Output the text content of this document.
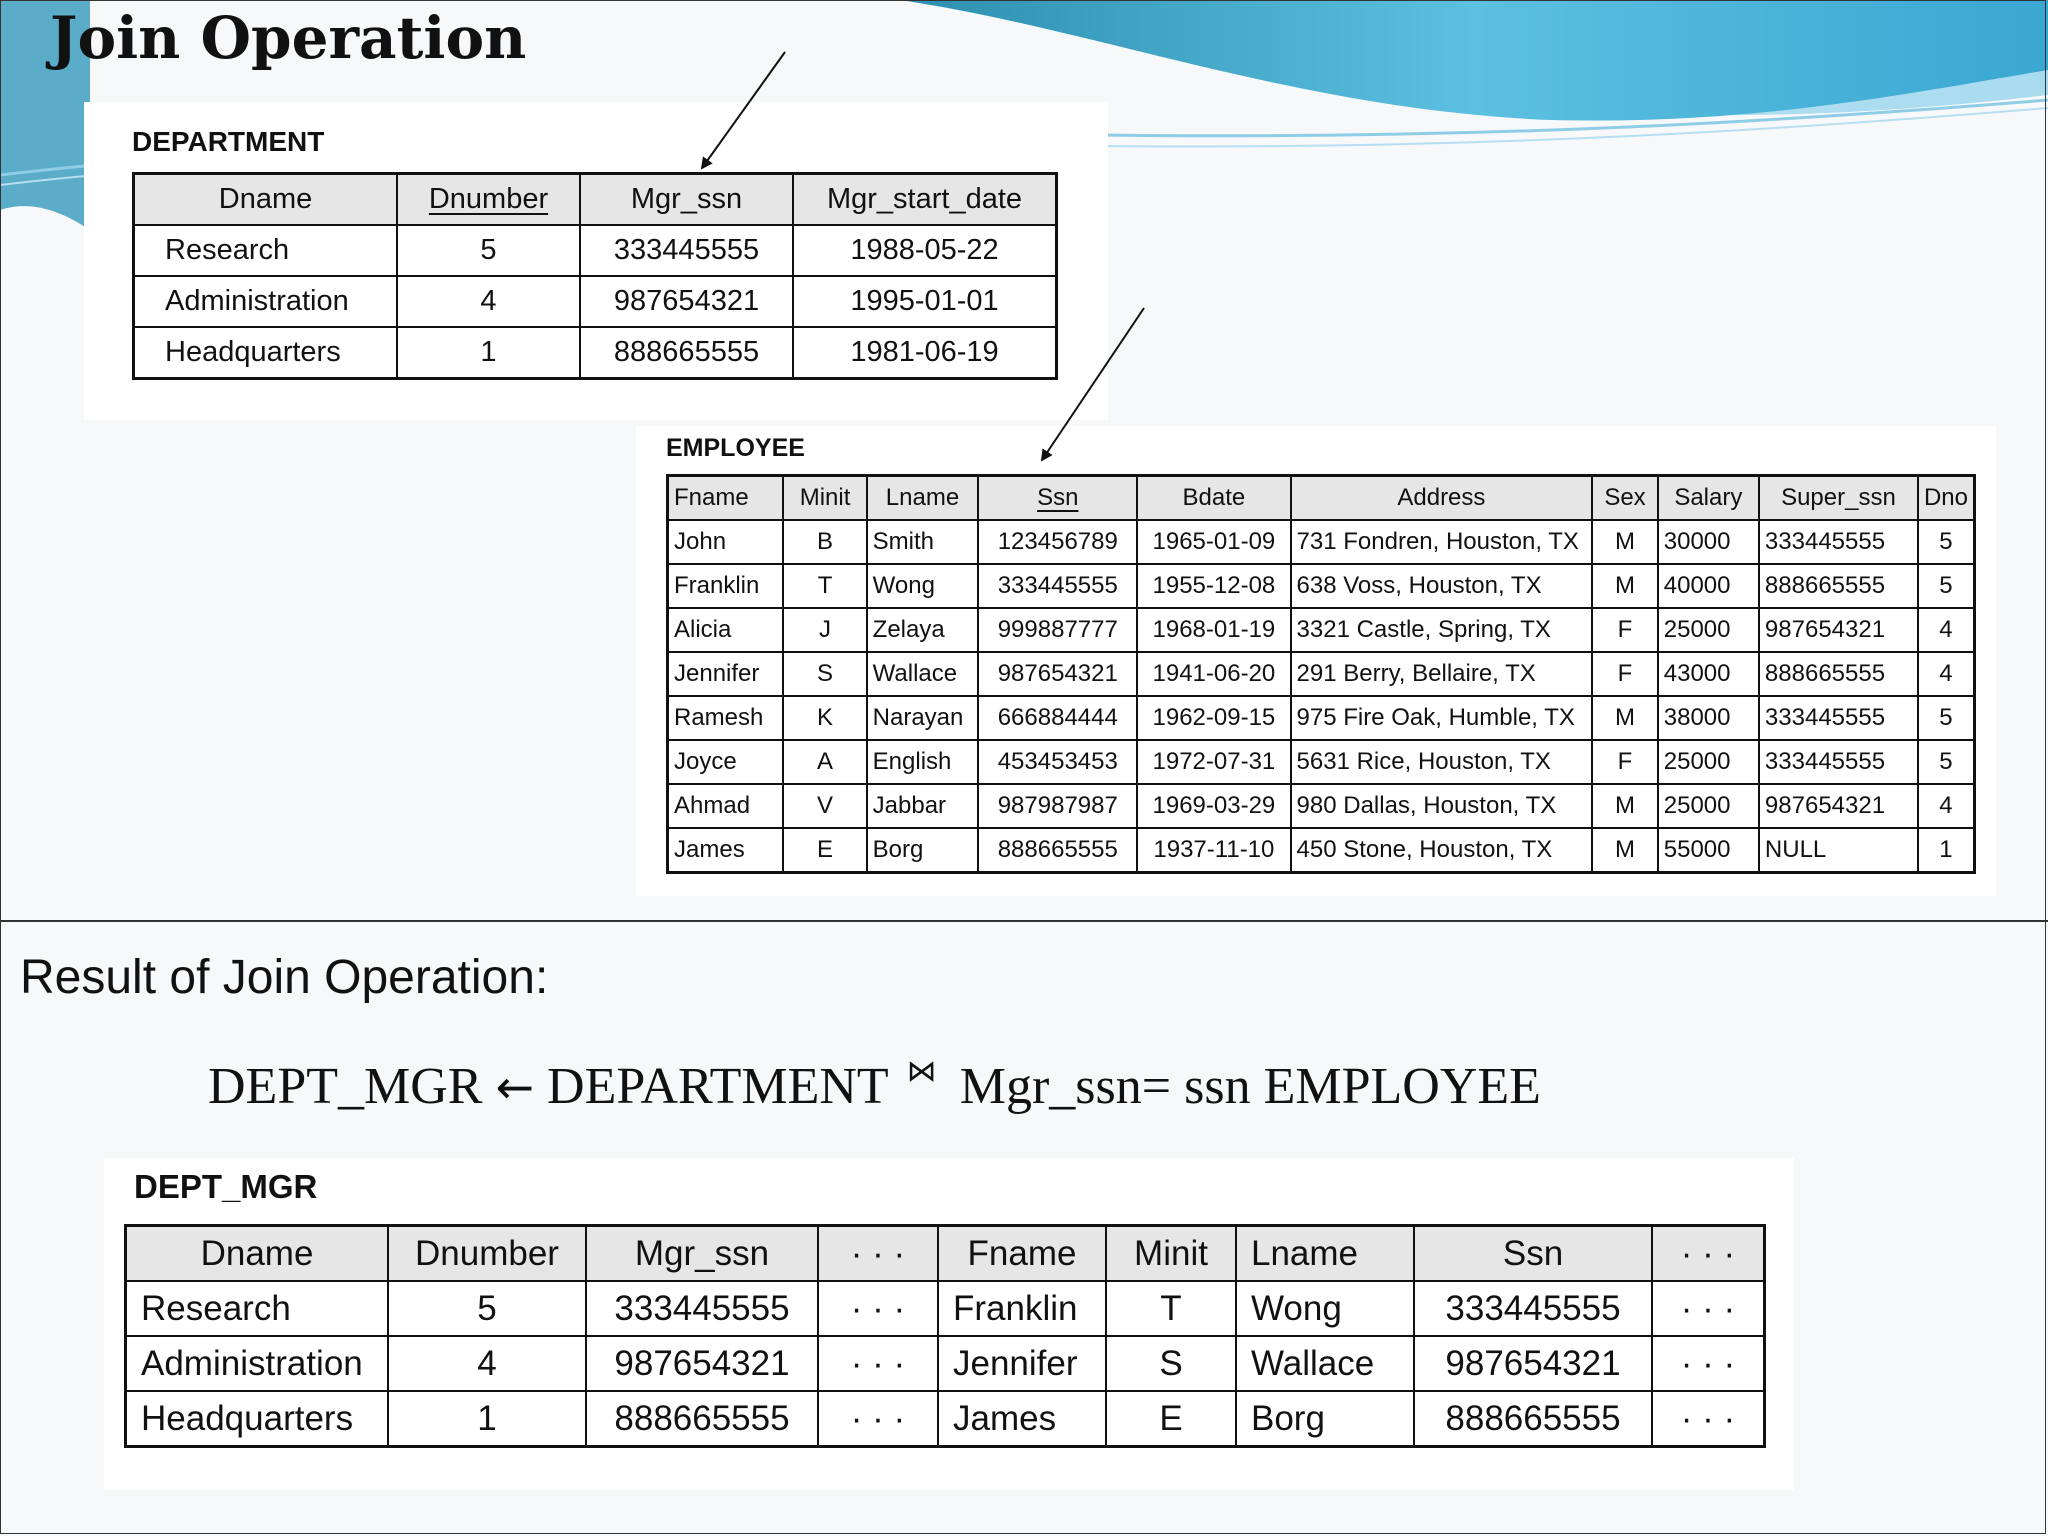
Join Operation
DEPARTMENT
Dname	Dnumber	Mgr_ssn	Mgr_start_date
Research	5	333445555	1988-05-22
Administration	4	987654321	1995-01-01
Headquarters	1	888665555	1981-06-19
EMPLOYEE
Fname	Minit	Lname	Ssn	Bdate	Address	Sex	Salary	Super_ssn	Dno
John	B	Smith	123456789	1965-01-09	731 Fondren, Houston, TX	M	30000	333445555	5
Franklin	T	Wong	333445555	1955-12-08	638 Voss, Houston, TX	M	40000	888665555	5
Alicia	J	Zelaya	999887777	1968-01-19	3321 Castle, Spring, TX	F	25000	987654321	4
Jennifer	S	Wallace	987654321	1941-06-20	291 Berry, Bellaire, TX	F	43000	888665555	4
Ramesh	K	Narayan	666884444	1962-09-15	975 Fire Oak, Humble, TX	M	38000	333445555	5
Joyce	A	English	453453453	1972-07-31	5631 Rice, Houston, TX	F	25000	333445555	5
Ahmad	V	Jabbar	987987987	1969-03-29	980 Dallas, Houston, TX	M	25000	987654321	4
James	E	Borg	888665555	1937-11-10	450 Stone, Houston, TX	M	55000	NULL	1
Result of Join Operation:
DEPT_MGR ← DEPARTMENT ⋈ Mgr_ssn= ssn EMPLOYEE
DEPT_MGR
Dname	Dnumber	Mgr_ssn	· · ·	Fname	Minit	Lname	Ssn	· · ·
Research	5	333445555	· · ·	Franklin	T	Wong	333445555	· · ·
Administration	4	987654321	· · ·	Jennifer	S	Wallace	987654321	· · ·
Headquarters	1	888665555	· · ·	James	E	Borg	888665555	· · ·
